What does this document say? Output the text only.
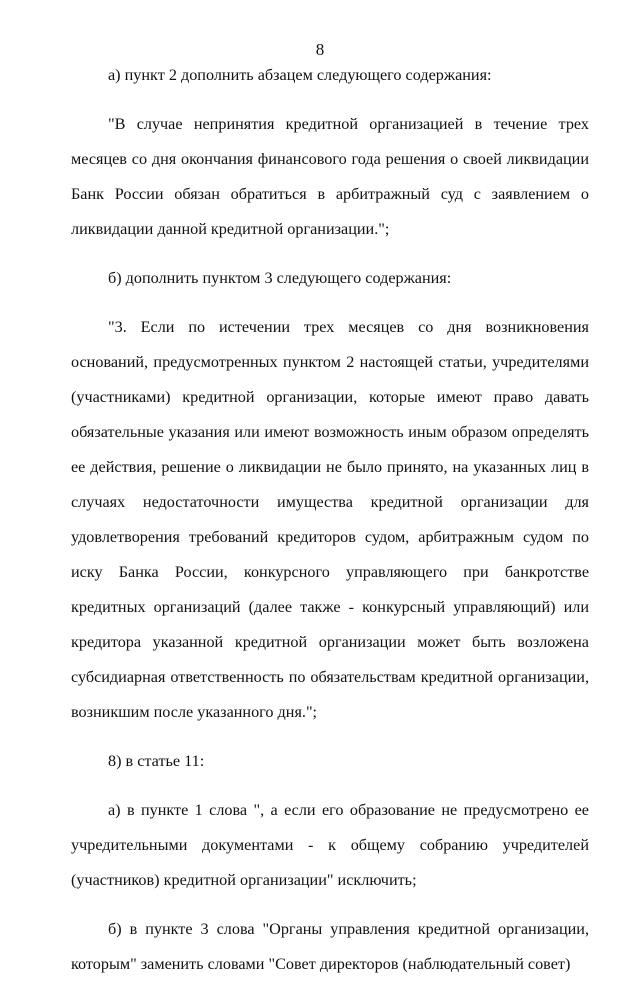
8

а) пункт 2 дополнить абзацем следующего содержания:

"В случае непринятия кредитной организацией в течение трех месяцев со дня окончания финансового года решения о своей ликвидации Банк России обязан обратиться в арбитражный суд с заявлением о ликвидации данной кредитной организации.";

б) дополнить пунктом 3 следующего содержания:

"3. Если по истечении трех месяцев со дня возникновения оснований, предусмотренных пунктом 2 настоящей статьи, учредителями (участниками) кредитной организации, которые имеют право давать обязательные указания или имеют возможность иным образом определять ее действия, решение о ликвидации не было принято, на указанных лиц в случаях недостаточности имущества кредитной организации для удовлетворения требований кредиторов судом, арбитражным судом по иску Банка России, конкурсного управляющего при банкротстве кредитных организаций (далее также - конкурсный управляющий) или кредитора указанной кредитной организации может быть возложена субсидиарная ответственность по обязательствам кредитной организации, возникшим после указанного дня.";

8) в статье 11:

а) в пункте 1 слова ", а если его образование не предусмотрено ее учредительными документами - к общему собранию учредителей (участников) кредитной организации" исключить;

б) в пункте 3 слова "Органы управления кредитной организации, которым" заменить словами "Совет директоров (наблюдательный совет)
